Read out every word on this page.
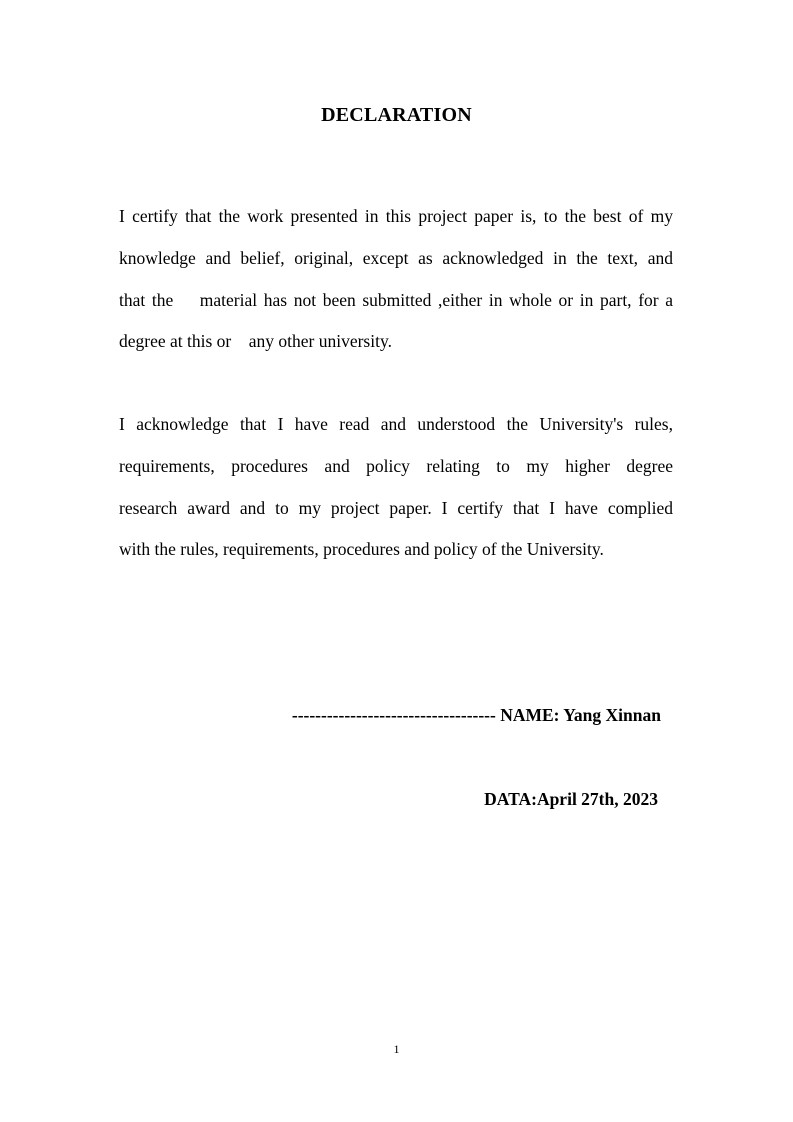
DECLARATION
I certify that the work presented in this project paper is, to the best of my
knowledge and belief, original, except as acknowledged in the text, and
that the    material has not been submitted ,either in whole or in part, for a
degree at this or    any other university.
I acknowledge that I have read and understood the University's rules,
requirements, procedures and policy relating to my higher degree
research award and to my project paper. I certify that I have complied
with the rules, requirements, procedures and policy of the University.
----------------------------------- NAME: Yang Xinnan
DATA:April 27th, 2023
1
